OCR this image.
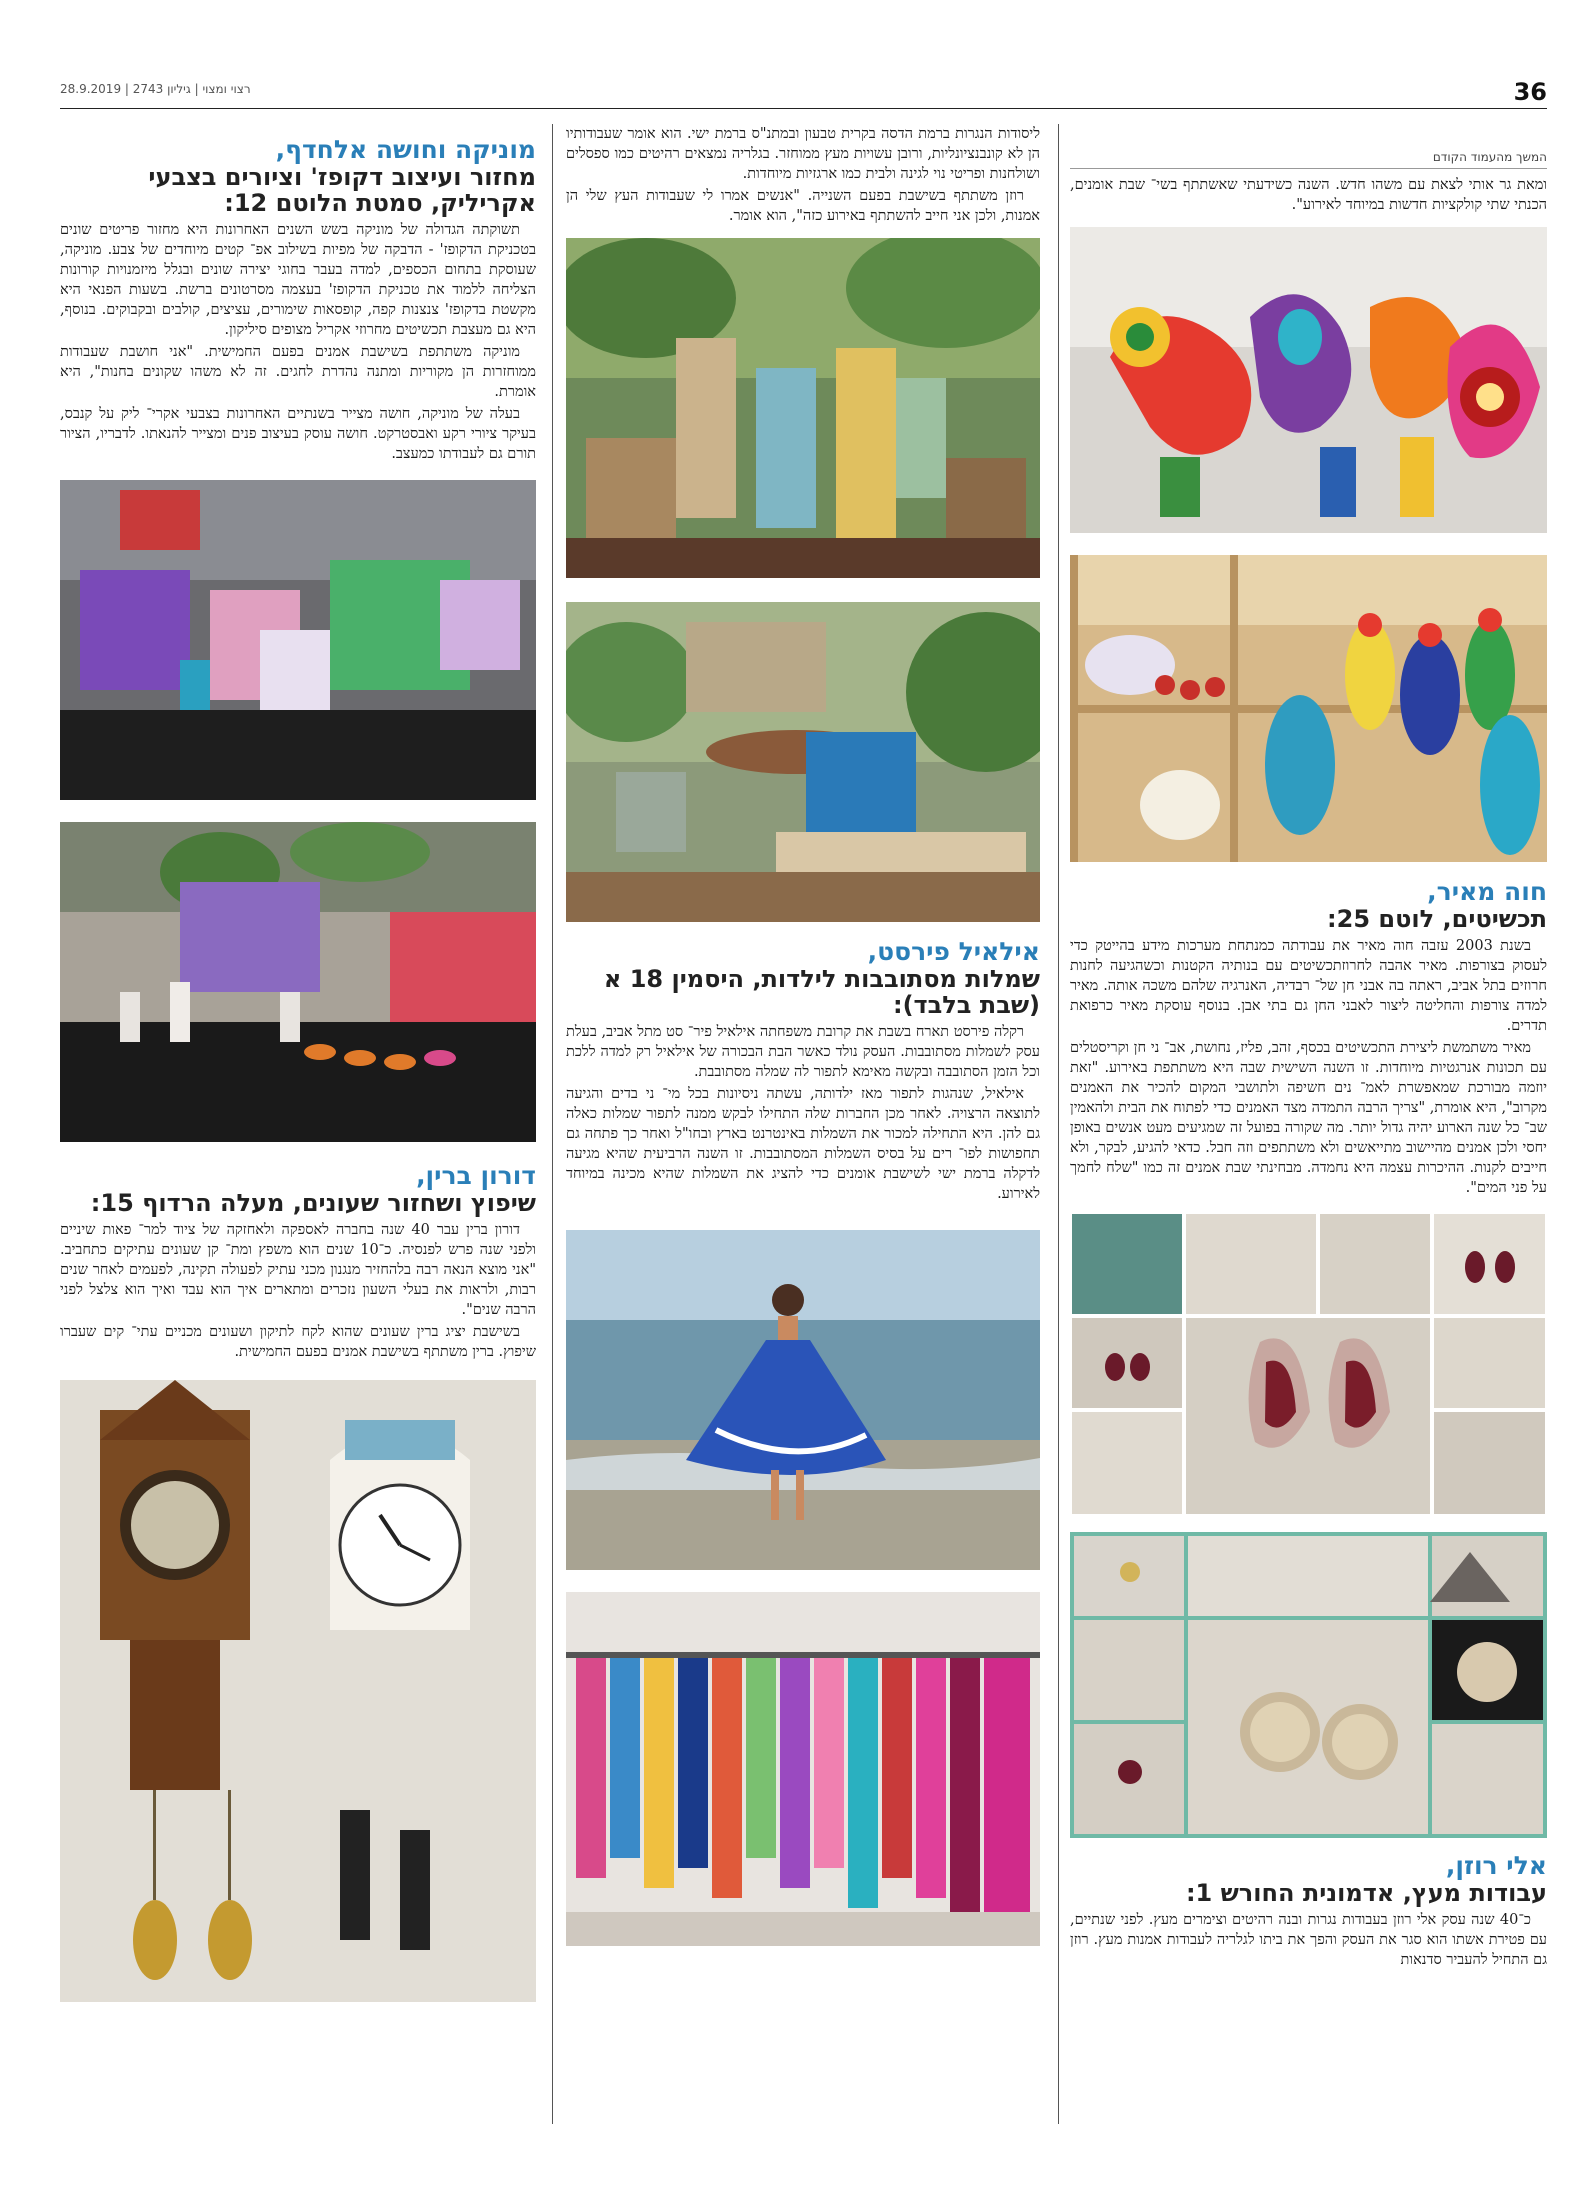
רצוי ומצוי | גיליון 2743 | 28.9.2019	36
המשך מהעמוד הקודם

ומאת גר אותי לצאת עם משהו חדש. השנה כשידעתי שאשתתף בשי־ שבת אומנים, הכנתי שתי קולקציות חדשות במיוחד לאירוע".

חוה מאיר,
תכשיטים, לוטם 25:

בשנת 2003 עזבה חוה מאיר את עבודתה כמנתחת מערכות מידע בהייטק כדי לעסוק בצורפות. מאיר אהבה לחרוזתכשיטים עם בנותיה הקטנות וכשהגיעה לחנות חרוזים בתל אביב, ראתה בה אבני חן של־ רבדיה, האנרגיה שלהם משכה אותה. מאיר למדה צורפות והחליטה ליצור לאבני החן גם בתי אבן. בנוסף עוסקת מאיר כרפואת תדרים.

מאיר משתמשת ליצירת התכשיטים בכסף, זהב, פליז, נחושת, אב־ ני חן וקריסטלים עם תכונות אנרגטיות מיוחדות. זו השנה השישית שבה היא משתתפת באירוע. "זאת יוזמה מבורכת שמאפשרת לאמ־ נים חשיפה ולתושבי המקום להכיר את האמנים מקרוב", היא אומרת, "צריך הרבה התמדה מצד האמנים כדי לפתוח את הבית ולהאמין שב־ כל שנה הארוע יהיה גדול יותר. מה שקורה בפועל זה שמגיעים מעט אנשים באופן יחסי ולכן אמנים מהיישוב מתייאשים ולא משתתפים וזה חבל. כדאי להגיע, לבקר, ולא חייבים לקנות. ההיכרות עצמה היא נחמדה. מבחינתי שבת אמנים זה כמו "שלח לחמך על פני המים".

אלי רוזן,
עבודות מעץ, אדמונית החורש 1:

כ־40 שנה עסק אלי רוזן בעבודות נגרות ובנה רהיטים וצימרים מעץ. לפני שנתיים, עם פטירת אשתו הוא סגר את העסק והפך את ביתו לגלריה לעבודות אמנות מעץ. רוזן גם התחיל להעביר סדנאות

ליסודות הנגרות ברמת הדסה בקרית טבעון ובמתנ"ס ברמת ישי. הוא אומר שעבודותיו הן לא קונבנציונליות, ורובן עשויות מעץ ממוחזר. בגלריה נמצאים רהיטים כמו ספסלים ושולחנות ופריטי נוי לגינה ולבית כמו ארגזיות מיוחדות.

רוזן משתתף בשישבת בפעם השנייה. "אנשים אמרו לי שעבודות העץ שלי הן אמנות, ולכן אני חייב להשתתף באירוע כזה", הוא אומר.

אילאיל פירסט,
שמלות מסתובבות לילדות, היסמין 18 א (שבת בלבד):

רקלה פירסט תארח בשבת את קרובת משפחתה אילאיל פיר־ סט מתל אביב, בעלת עסק לשמלות מסתובבות. העסק נולד כאשר הבת הבכורה של אילאיל רק למדה ללכת וכל הזמן הסתובבה ובקשה מאימא לתפור לה שמלה מסתובבת.

אילאיל, שנהגות לתפור מאז ילדותה, עשתה ניסיונות בכל מי־ ני בדים והגיעה לתוצאה הרצויה. לאחר מכן החברות שלה התחילו לבקש ממנה לתפור שמלות כאלה גם להן. היא התחילה למכור את השמלות באינטרנט בארץ ובחו"ל ואחר כך פתחה גם תחפושות לפו־ רים על בסיס השמלות המסתובבות. זו השנה הרביעית שהיא מגיעה לדקלה ברמת ישי לשישבת אומנים כדי להציג את השמלות שהיא מכינה במיוחד לאירוע.

מוניקה וחושה אלחדף,
מחזור ועיצוב דקופז' וציורים בצבעי אקריליק, סמטת הלוטם 12:

תשוקתה הגדולה של מוניקה בשש השנים האחרונות היא מחזור פריטים שונים בטכניקת הדקופז' - הדבקה של מפיות בשילוב אפ־ קטים מיוחדים של צבע. מוניקה, שעוסקת בתחום הכספים, למדה בעבר בחוגי יצירה שונים ובגלל מיזמנויות קורונות הצליחה ללמוד את טכניקת הדקופז' בעצמה מסרטונים ברשת. בשעות הפנאי היא מקשטת בדקופז' צנצנות קפה, קופסאות שימורים, עציצים, קולבים ובקבוקים. בנוסף, היא גם מעצבת תכשיטים מחרוזי אקריל מצופים סיליקון.

מוניקה משתתפת בשישבת אמנים בפעם החמישית. "אני חושבת שעבודות ממוחזרות הן מקוריות ומתנה נהדרת לחגים. זה לא משהו שקונים בחנות", היא אומרת.

בעלה של מוניקה, חושה מצייר בשנתיים האחרונות בצבעי אקרי־ ליק על קנבס, בעיקר ציורי רקע ואבסטרקט. חושה עוסק בעיצוב פנים ומצייר להנאתו. לדבריו, הציור תורם גם לעבודתו כמעצב.

דורון ברין,
שיפוץ ושחזור שעונים, מעלה הרדוף 15:

דורון ברין עבר 40 שנה בחברה לאספקה ולאחזקה של ציוד למר־ פאות שיניים ולפני שנה פרש לפנסיה. כ־10 שנים הוא משפץ ומת־ קן שעונים עתיקים כתחביב. "אני מוצא הנאה רבה בלהחזיר מנגנון מכני עתיק לפעולה תקינה, לפעמים לאחר שנים רבות, ולראות את בעלי השעון נזכרים ומתארים איך הוא עבד ואיך הוא צלצל לפני הרבה שנים".

בשישבת יציג ברין שעונים שהוא לקח לתיקון ושעונים מכניים עתי־ קים שעברו שיפוץ. ברין משתתף בשישבת אמנים בפעם החמישית.
